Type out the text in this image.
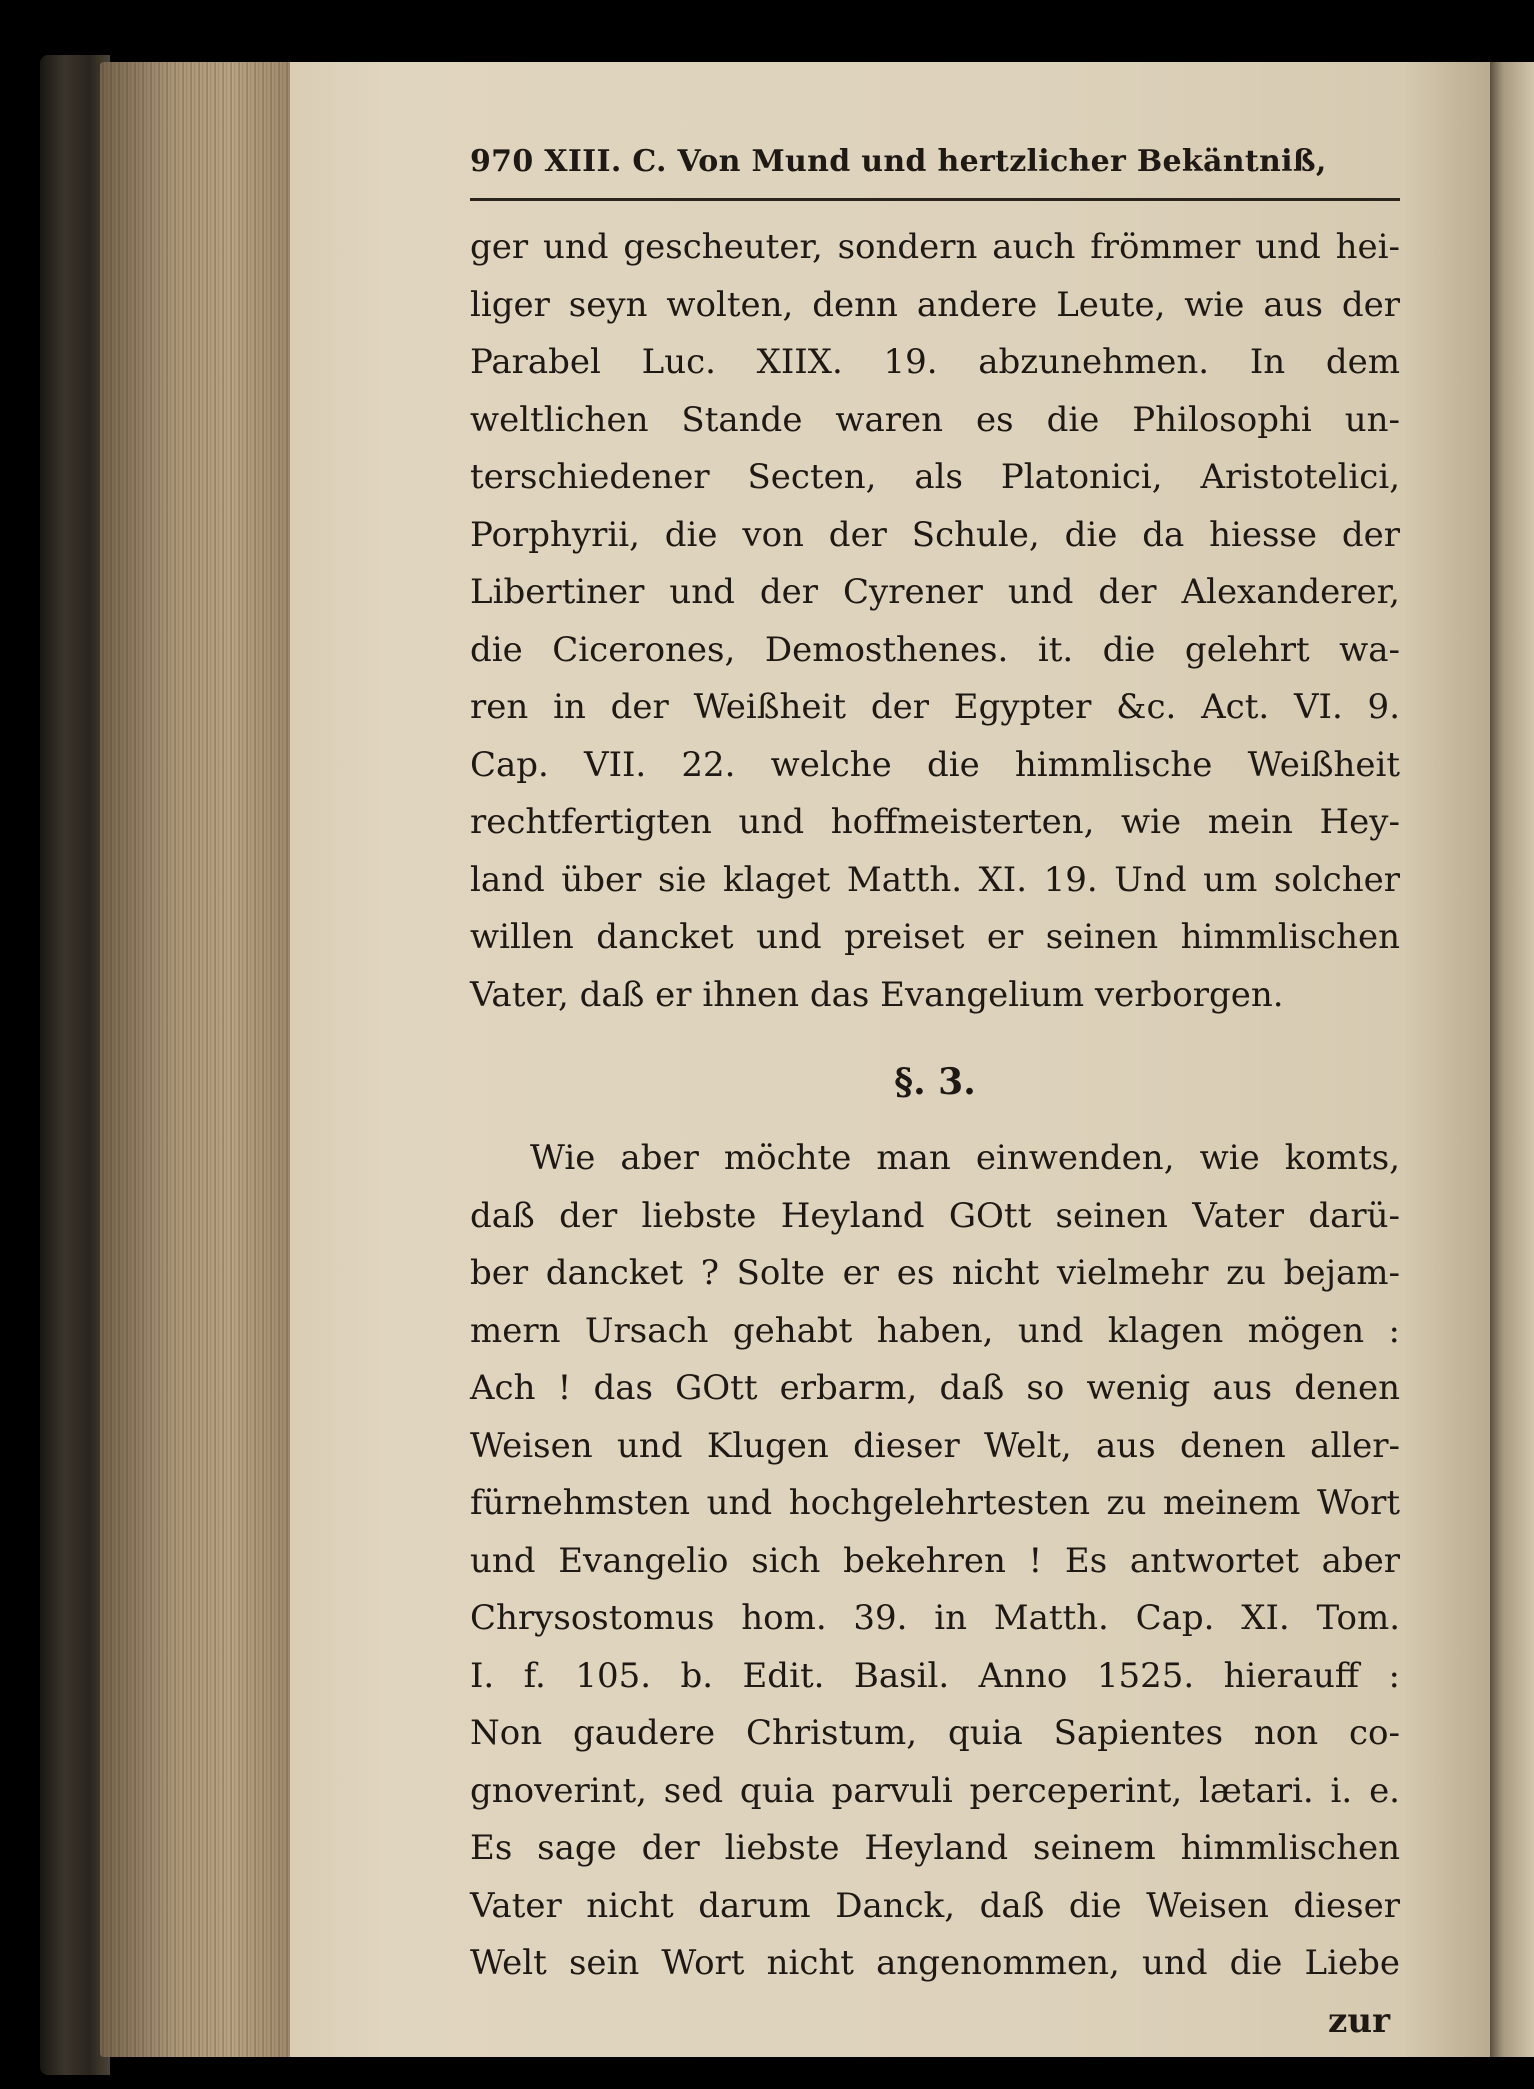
970 XIII. C. Von Mund und hertzlicher Bekäntniß,
ger und gescheuter, sondern auch frömmer und hei-
liger seyn wolten, denn andere Leute, wie aus der
Parabel Luc. XIIX. 19. abzunehmen. In dem
weltlichen Stande waren es die Philosophi un-
terschiedener Secten, als Platonici, Aristotelici,
Porphyrii, die von der Schule, die da hiesse der
Libertiner und der Cyrener und der Alexanderer,
die Cicerones, Demosthenes. it. die gelehrt wa-
ren in der Weißheit der Egypter &c. Act. VI. 9.
Cap. VII. 22. welche die himmlische Weißheit
rechtfertigten und hoffmeisterten, wie mein Hey-
land über sie klaget Matth. XI. 19. Und um solcher
willen dancket und preiset er seinen himmlischen
Vater, daß er ihnen das Evangelium verborgen.
§. 3.
Wie aber möchte man einwenden, wie komts,
daß der liebste Heyland GOtt seinen Vater darü-
ber dancket ? Solte er es nicht vielmehr zu bejam-
mern Ursach gehabt haben, und klagen mögen :
Ach ! das GOtt erbarm, daß so wenig aus denen
Weisen und Klugen dieser Welt, aus denen aller-
fürnehmsten und hochgelehrtesten zu meinem Wort
und Evangelio sich bekehren ! Es antwortet aber
Chrysostomus hom. 39. in Matth. Cap. XI. Tom.
I. f. 105. b. Edit. Basil. Anno 1525. hierauff :
Non gaudere Christum, quia Sapientes non co-
gnoverint, sed quia parvuli perceperint, lætari. i. e.
Es sage der liebste Heyland seinem himmlischen
Vater nicht darum Danck, daß die Weisen dieser
Welt sein Wort nicht angenommen, und die Liebe
zur
